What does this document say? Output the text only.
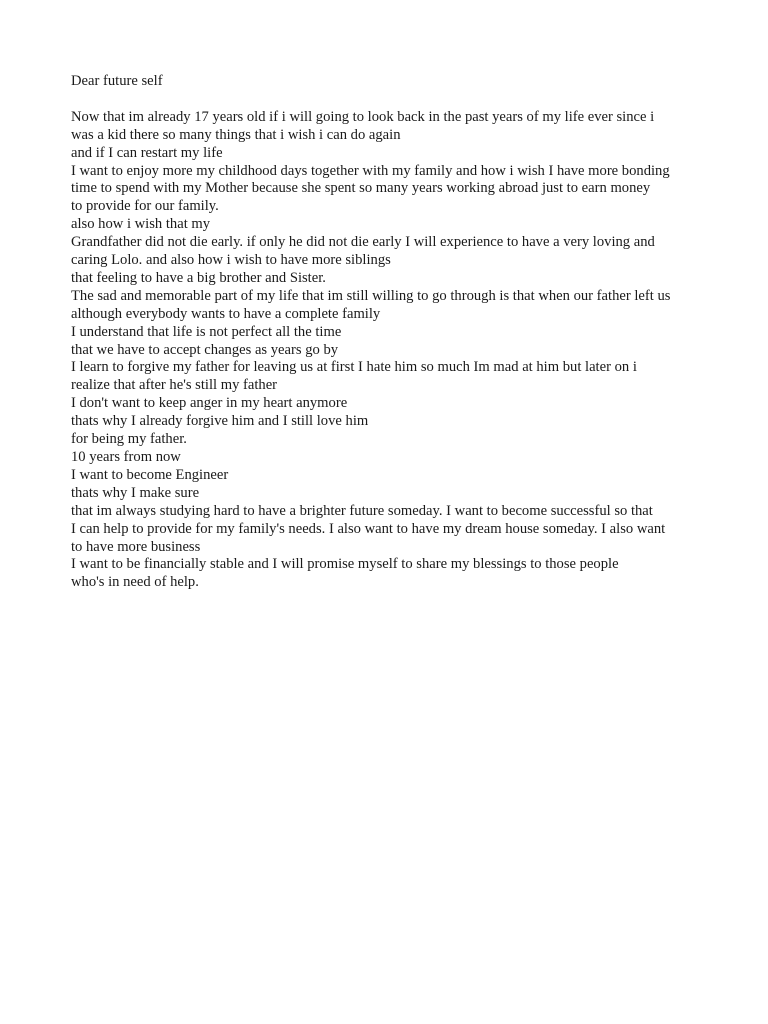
Dear future self

Now that im already 17 years old if i will going to look back in the past years of my life ever since i

was a kid there so many things that i wish i can do again

and if I can restart my life

I want to enjoy more my childhood days together with my family and how i wish I have more bonding

time to spend with my Mother because she spent so many years working abroad just to earn money

to provide for our family.

also how i wish that my

Grandfather did not die early. if only he did not die early I will experience to have a very loving and

caring Lolo. and also how i wish to have more siblings

that feeling to have a big brother and Sister.

The sad and memorable part of my life that im still willing to go through is that when our father left us

although everybody wants to have a complete family

I understand that life is not perfect all the time

that we have to accept changes as years go by

I learn to forgive my father for leaving us at first I hate him so much Im mad at him but later on i

realize that after he's still my father

I don't want to keep anger in my heart anymore

thats why I already forgive him and I still love him

for being my father.

10 years from now

I want to become Engineer

thats why I make sure

that im always studying hard to have a brighter future someday. I want to become successful so that

I can help to provide for my family's needs. I also want to have my dream house someday. I also want

to have more business

I want to be financially stable and I will promise myself to share my blessings to those people

who's in need of help.
